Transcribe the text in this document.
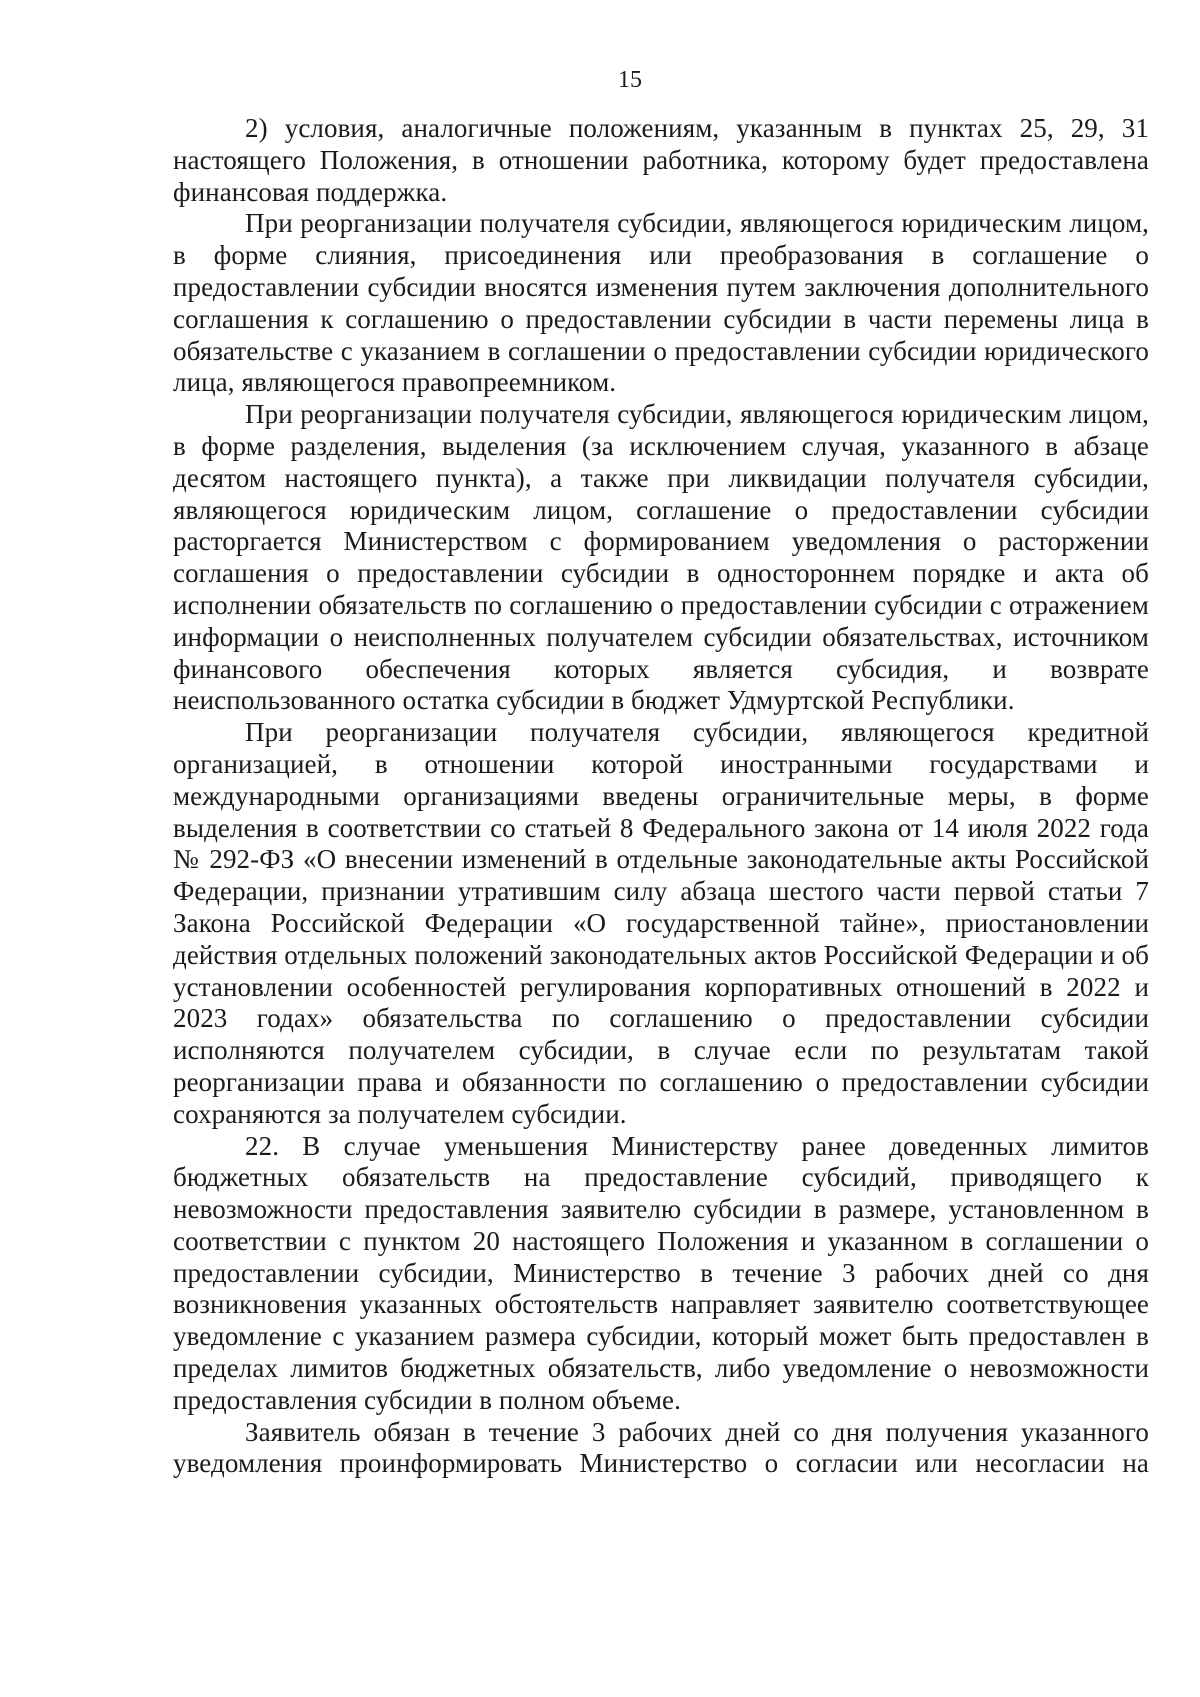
15

2) условия, аналогичные положениям, указанным в пунктах 25, 29, 31 настоящего Положения, в отношении работника, которому будет предоставлена финансовая поддержка.

При реорганизации получателя субсидии, являющегося юридическим лицом, в форме слияния, присоединения или преобразования в соглашение о предоставлении субсидии вносятся изменения путем заключения дополнительного соглашения к соглашению о предоставлении субсидии в части перемены лица в обязательстве с указанием в соглашении о предоставлении субсидии юридического лица, являющегося правопреемником.

При реорганизации получателя субсидии, являющегося юридическим лицом, в форме разделения, выделения (за исключением случая, указанного в абзаце десятом настоящего пункта), а также при ликвидации получателя субсидии, являющегося юридическим лицом, соглашение о предоставлении субсидии расторгается Министерством с формированием уведомления о расторжении соглашения о предоставлении субсидии в одностороннем порядке и акта об исполнении обязательств по соглашению о предоставлении субсидии с отражением информации о неисполненных получателем субсидии обязательствах, источником финансового обеспечения которых является субсидия, и возврате неиспользованного остатка субсидии в бюджет Удмуртской Республики.

При реорганизации получателя субсидии, являющегося кредитной организацией, в отношении которой иностранными государствами и международными организациями введены ограничительные меры, в форме выделения в соответствии со статьей 8 Федерального закона от 14 июля 2022 года № 292-ФЗ «О внесении изменений в отдельные законодательные акты Российской Федерации, признании утратившим силу абзаца шестого части первой статьи 7 Закона Российской Федерации «О государственной тайне», приостановлении действия отдельных положений законодательных актов Российской Федерации и об установлении особенностей регулирования корпоративных отношений в 2022 и 2023 годах» обязательства по соглашению о предоставлении субсидии исполняются получателем субсидии, в случае если по результатам такой реорганизации права и обязанности по соглашению о предоставлении субсидии сохраняются за получателем субсидии.

22. В случае уменьшения Министерству ранее доведенных лимитов бюджетных обязательств на предоставление субсидий, приводящего к невозможности предоставления заявителю субсидии в размере, установленном в соответствии с пунктом 20 настоящего Положения и указанном в соглашении о предоставлении субсидии, Министерство в течение 3 рабочих дней со дня возникновения указанных обстоятельств направляет заявителю соответствующее уведомление с указанием размера субсидии, который может быть предоставлен в пределах лимитов бюджетных обязательств, либо уведомление о невозможности предоставления субсидии в полном объеме.

Заявитель обязан в течение 3 рабочих дней со дня получения указанного уведомления проинформировать Министерство о согласии или несогласии на
